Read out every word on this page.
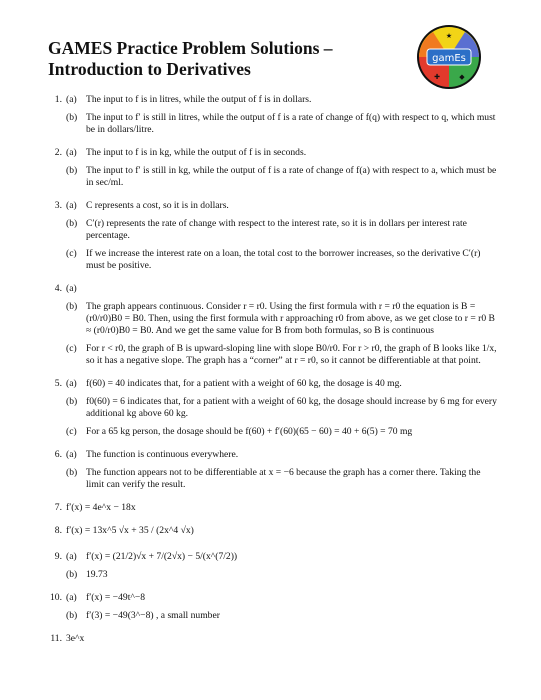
GAMES Practice Problem Solutions – Introduction to Derivatives
gamEs
★
✚	◆
1. (a) The input to f is in litres, while the output of f is in dollars.
(b) The input to f′ is still in litres, while the output of f is a rate of change of f(q) with respect to q, which must be in dollars/litre.
2. (a) The input to f is in kg, while the output of f is in seconds.
(b) The input to f′ is still in kg, while the output of f is a rate of change of f(a) with respect to a, which must be in sec/ml.
3. (a) C represents a cost, so it is in dollars.
(b) C′(r) represents the rate of change with respect to the interest rate, so it is in dollars per interest rate percentage.
(c) If we increase the interest rate on a loan, the total cost to the borrower increases, so the derivative C′(r) must be positive.
4. (a)
(b) The graph appears continuous. Consider r = r0. Using the first formula with r = r0 the equation is B = (r0/r0)B0 = B0. Then, using the first formula with r approaching r0 from above, as we get close to r = r0 B ≈ (r0/r0)B0 = B0. And we get the same value for B from both formulas, so B is continuous
(c) For r < r0, the graph of B is upward-sloping line with slope B0/r0. For r > r0, the graph of B looks like 1/x, so it has a negative slope. The graph has a “corner” at r = r0, so it cannot be differentiable at that point.
5. (a) f(60) = 40 indicates that, for a patient with a weight of 60 kg, the dosage is 40 mg.
(b) f0(60) = 6 indicates that, for a patient with a weight of 60 kg, the dosage should increase by 6 mg for every additional kg above 60 kg.
(c) For a 65 kg person, the dosage should be f(60) + f′(60)(65 − 60) = 40 + 6(5) = 70 mg
6. (a) The function is continuous everywhere.
(b) The function appears not to be differentiable at x = −6 because the graph has a corner there. Taking the limit can verify the result.
7. f′(x) = 4e^x − 18x
8. f′(x) = 13x^5 √x + 35 / (2x^4 √x)
9. (a) f′(x) = (21/2)√x + 7/(2√x) − 5/(x^(7/2))
(b) 19.73
10. (a) f′(x) = −49t^−8
(b) f′(3) = −49(3^−8) , a small number
11. 3e^x
